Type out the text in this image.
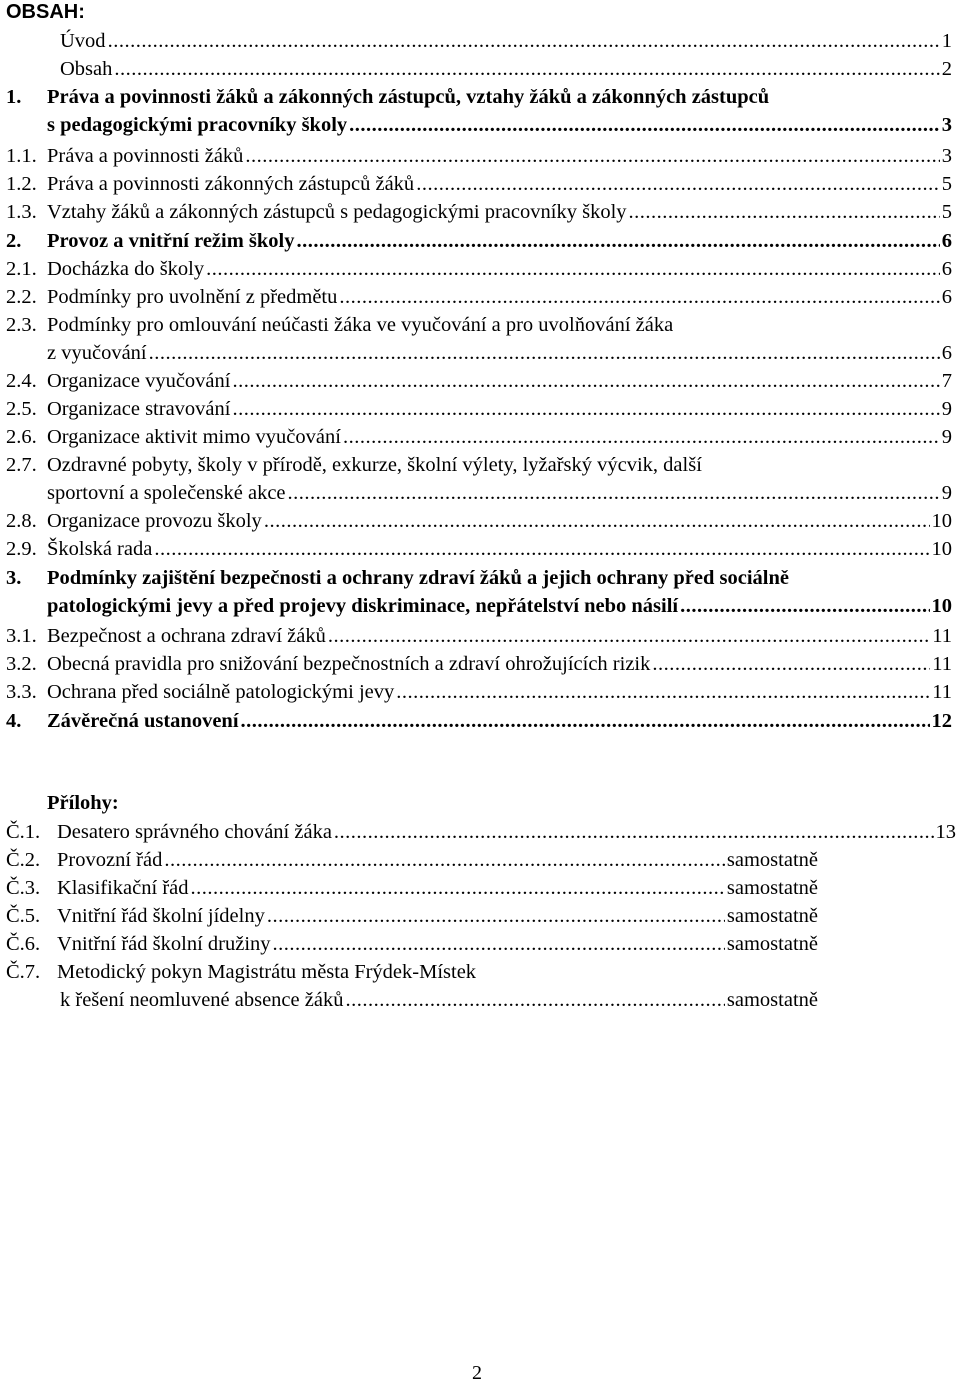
OBSAH:
Úvod .....	1
Obsah .....	2
1.	Práva a povinnosti žáků a zákonných zástupců, vztahy žáků a zákonných zástupců
s pedagogickými pracovníky školy .....	3
1.1. Práva a povinnosti žáků .....	3
1.2. Práva a povinnosti zákonných zástupců žáků .....	5
1.3. Vztahy žáků a zákonných zástupců s pedagogickými pracovníky školy .....	5
2.	Provoz a vnitřní režim školy .....	6
2.1. Docházka do školy .....	6
2.2. Podmínky pro uvolnění z předmětu .....	6
2.3. Podmínky pro omlouvání neúčasti žáka ve vyučování a pro uvolňování žáka
z vyučování .....	6
2.4. Organizace vyučování .....	7
2.5. Organizace stravování .....	9
2.6. Organizace aktivit mimo vyučování .....	9
2.7. Ozdravné pobyty, školy v přírodě, exkurze, školní výlety, lyžařský výcvik, další
sportovní a společenské akce .....	9
2.8. Organizace provozu školy .....	10
2.9. Školská rada .....	10
3.	Podmínky zajištění bezpečnosti a ochrany zdraví žáků a jejich ochrany před sociálně
patologickými jevy a před projevy diskriminace, nepřátelství nebo násilí .....	10
3.1. Bezpečnost a ochrana zdraví žáků .....	11
3.2. Obecná pravidla pro snižování bezpečnostních a zdraví ohrožujících rizik .....	11
3.3. Ochrana před sociálně patologickými jevy .....	11
4.	Závěrečná ustanovení .....	12
Přílohy:
Č.1. Desatero správného chování žáka .....	13
Č.2. Provozní řád .....	samostatně
Č.3. Klasifikační řád .....	samostatně
Č.5. Vnitřní řád školní jídelny .....	samostatně
Č.6. Vnitřní řád školní družiny .....	samostatně
Č.7. Metodický pokyn Magistrátu města Frýdek-Místek
k řešení neomluvené absence žáků .....	samostatně
2
